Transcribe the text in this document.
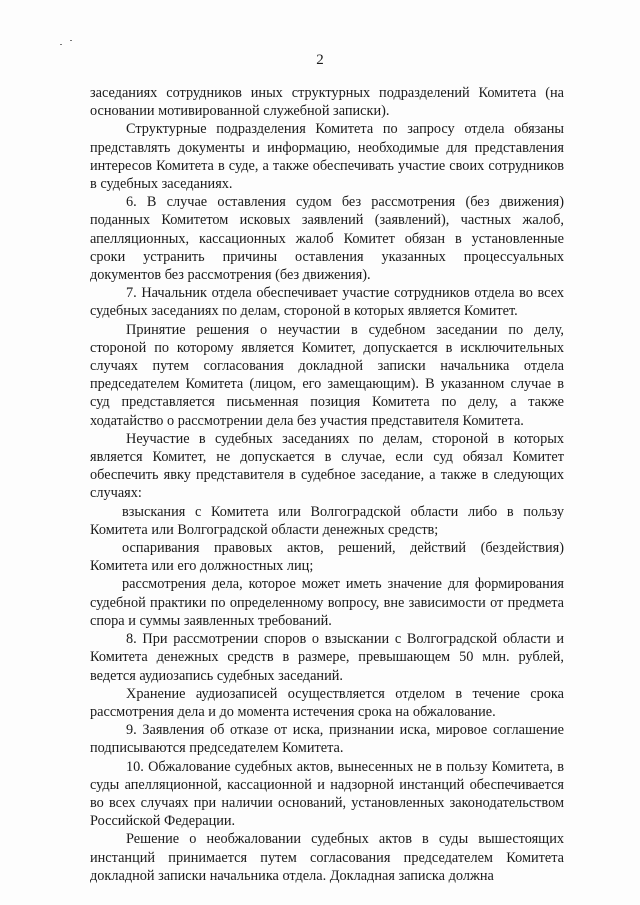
2

заседаниях сотрудников иных структурных подразделений Комитета (на основании мотивированной служебной записки).

Структурные подразделения Комитета по запросу отдела обязаны представлять документы и информацию, необходимые для представления интересов Комитета в суде, а также обеспечивать участие своих сотрудников в судебных заседаниях.

6. В случае оставления судом без рассмотрения (без движения) поданных Комитетом исковых заявлений (заявлений), частных жалоб, апелляционных, кассационных жалоб Комитет обязан в установленные сроки устранить причины оставления указанных процессуальных документов без рассмотрения (без движения).

7. Начальник отдела обеспечивает участие сотрудников отдела во всех судебных заседаниях по делам, стороной в которых является Комитет.

Принятие решения о неучастии в судебном заседании по делу, стороной по которому является Комитет, допускается в исключительных случаях путем согласования докладной записки начальника отдела председателем Комитета (лицом, его замещающим). В указанном случае в суд представляется письменная позиция Комитета по делу, а также ходатайство о рассмотрении дела без участия представителя Комитета.

Неучастие в судебных заседаниях по делам, стороной в которых является Комитет, не допускается в случае, если суд обязал Комитет обеспечить явку представителя в судебное заседание, а также в следующих случаях:

взыскания с Комитета или Волгоградской области либо в пользу Комитета или Волгоградской области денежных средств;

оспаривания правовых актов, решений, действий (бездействия) Комитета или его должностных лиц;

рассмотрения дела, которое может иметь значение для формирования судебной практики по определенному вопросу, вне зависимости от предмета спора и суммы заявленных требований.

8. При рассмотрении споров о взыскании с Волгоградской области и Комитета денежных средств в размере, превышающем 50 млн. рублей, ведется аудиозапись судебных заседаний.

Хранение аудиозаписей осуществляется отделом в течение срока рассмотрения дела и до момента истечения срока на обжалование.

9. Заявления об отказе от иска, признании иска, мировое соглашение подписываются председателем Комитета.

10. Обжалование судебных актов, вынесенных не в пользу Комитета, в суды апелляционной, кассационной и надзорной инстанций обеспечивается во всех случаях при наличии оснований, установленных законодательством Российской Федерации.

Решение о необжаловании судебных актов в суды вышестоящих инстанций принимается путем согласования председателем Комитета докладной записки начальника отдела. Докладная записка должна
